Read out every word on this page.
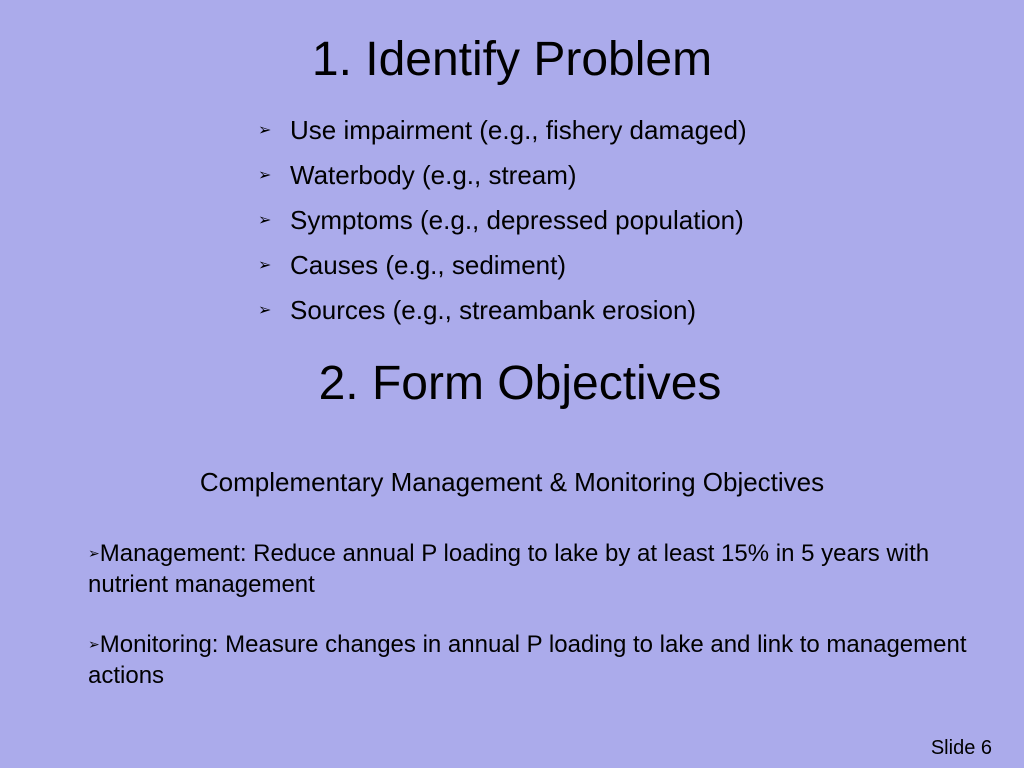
1. Identify Problem
➢ Use impairment (e.g., fishery damaged)
➢ Waterbody (e.g., stream)
➢ Symptoms (e.g., depressed population)
➢ Causes (e.g., sediment)
➢ Sources (e.g., streambank erosion)
2. Form Objectives
Complementary Management & Monitoring Objectives
➢Management: Reduce annual P loading to lake by at least 15% in 5 years with nutrient management
➢Monitoring: Measure changes in annual P loading to lake and link to management actions
Slide 6
